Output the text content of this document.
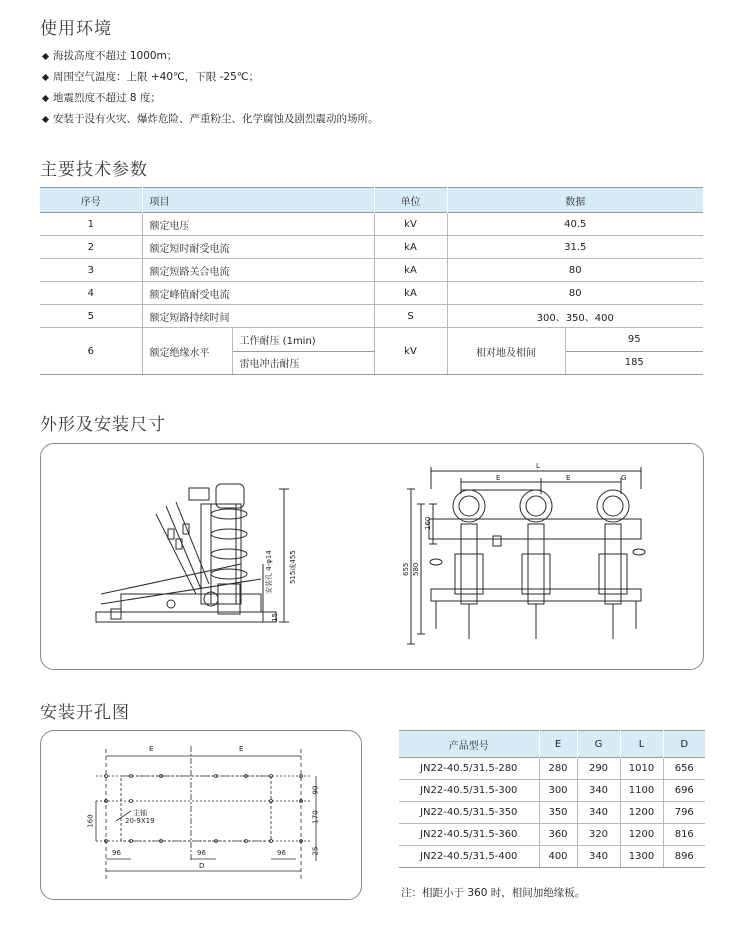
使用环境
海拔高度不超过 1000m；
周围空气温度：上限 +40℃，下限 -25℃；
地震烈度不超过 8 度；
安装于没有火灾、爆炸危险、严重粉尘、化学腐蚀及剧烈震动的场所。
主要技术参数
序号	项目	单位	数据
1	额定电压	kV	40.5
2	额定短时耐受电流	kA	31.5
3	额定短路关合电流	kA	80
4	额定峰值耐受电流	kA	80
5	额定短路持续时间	S	300、350、400

6	额定绝缘水平	工作耐压 (1min)	kV	相对地及相间	95
雷电冲击耐压	185
外形及安装尺寸
515或455
安装孔 4-φ14
15
L
E	E	G
160
580
655
安装开孔图
E	E
96	96	96
D
160
90
170
25
主轴
20-9X19
产品型号	E	G	L	D
JN22-40.5/31.5-280	280	290	1010	656
JN22-40.5/31.5-300	300	340	1100	696
JN22-40.5/31.5-350	350	340	1200	796
JN22-40.5/31.5-360	360	320	1200	816
JN22-40.5/31.5-400	400	340	1300	896
注：相距小于 360 时，相间加绝缘板。
